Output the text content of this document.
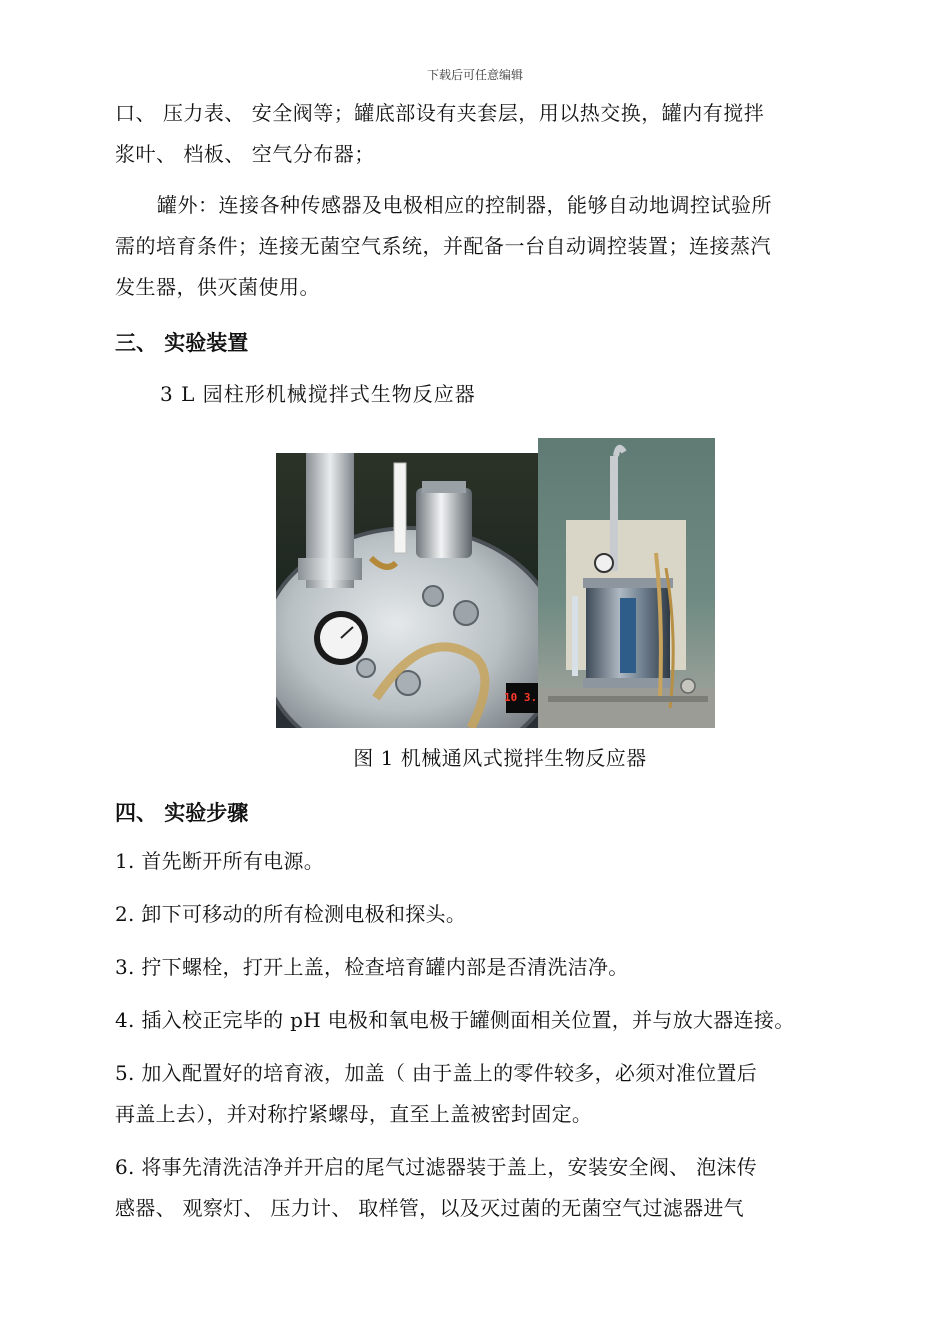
下载后可任意编辑
口、 压力表、 安全阀等；罐底部设有夹套层，用以热交换，罐内有搅拌
浆叶、 档板、 空气分布器；
罐外：连接各种传感器及电极相应的控制器，能够自动地调控试验所
需的培育条件；连接无菌空气系统，并配备一台自动调控装置；连接蒸汽
发生器，供灭菌使用。
三、 实验装置
3 L 园柱形机械搅拌式生物反应器
10 3.
图 1 机械通风式搅拌生物反应器
四、 实验步骤
1. 首先断开所有电源。
2. 卸下可移动的所有检测电极和探头。
3. 拧下螺栓，打开上盖，检查培育罐内部是否清洗洁净。
4. 插入校正完毕的 pH 电极和氧电极于罐侧面相关位置，并与放大器连接。
5. 加入配置好的培育液，加盖（ 由于盖上的零件较多，必须对准位置后
再盖上去），并对称拧紧螺母，直至上盖被密封固定。
6. 将事先清洗洁净并开启的尾气过滤器装于盖上，安装安全阀、 泡沫传
感器、 观察灯、 压力计、 取样管，以及灭过菌的无菌空气过滤器进气
